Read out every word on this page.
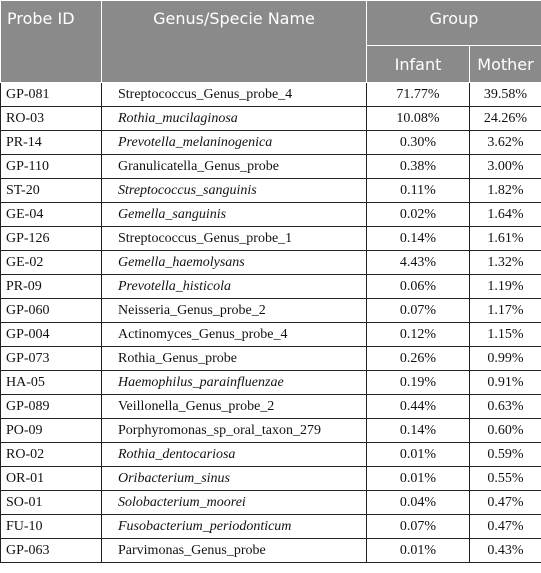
Probe ID	Genus/Specie Name	Group	
		Infant	Mother
GP-081	Streptococcus_Genus_probe_4	71.77%	39.58%
RO-03	Rothia_mucilaginosa	10.08%	24.26%
PR-14	Prevotella_melaninogenica	0.30%	3.62%
GP-110	Granulicatella_Genus_probe	0.38%	3.00%
ST-20	Streptococcus_sanguinis	0.11%	1.82%
GE-04	Gemella_sanguinis	0.02%	1.64%
GP-126	Streptococcus_Genus_probe_1	0.14%	1.61%
GE-02	Gemella_haemolysans	4.43%	1.32%
PR-09	Prevotella_histicola	0.06%	1.19%
GP-060	Neisseria_Genus_probe_2	0.07%	1.17%
GP-004	Actinomyces_Genus_probe_4	0.12%	1.15%
GP-073	Rothia_Genus_probe	0.26%	0.99%
HA-05	Haemophilus_parainfluenzae	0.19%	0.91%
GP-089	Veillonella_Genus_probe_2	0.44%	0.63%
PO-09	Porphyromonas_sp_oral_taxon_279	0.14%	0.60%
RO-02	Rothia_dentocariosa	0.01%	0.59%
OR-01	Oribacterium_sinus	0.01%	0.55%
SO-01	Solobacterium_moorei	0.04%	0.47%
FU-10	Fusobacterium_periodonticum	0.07%	0.47%
GP-063	Parvimonas_Genus_probe	0.01%	0.43%
